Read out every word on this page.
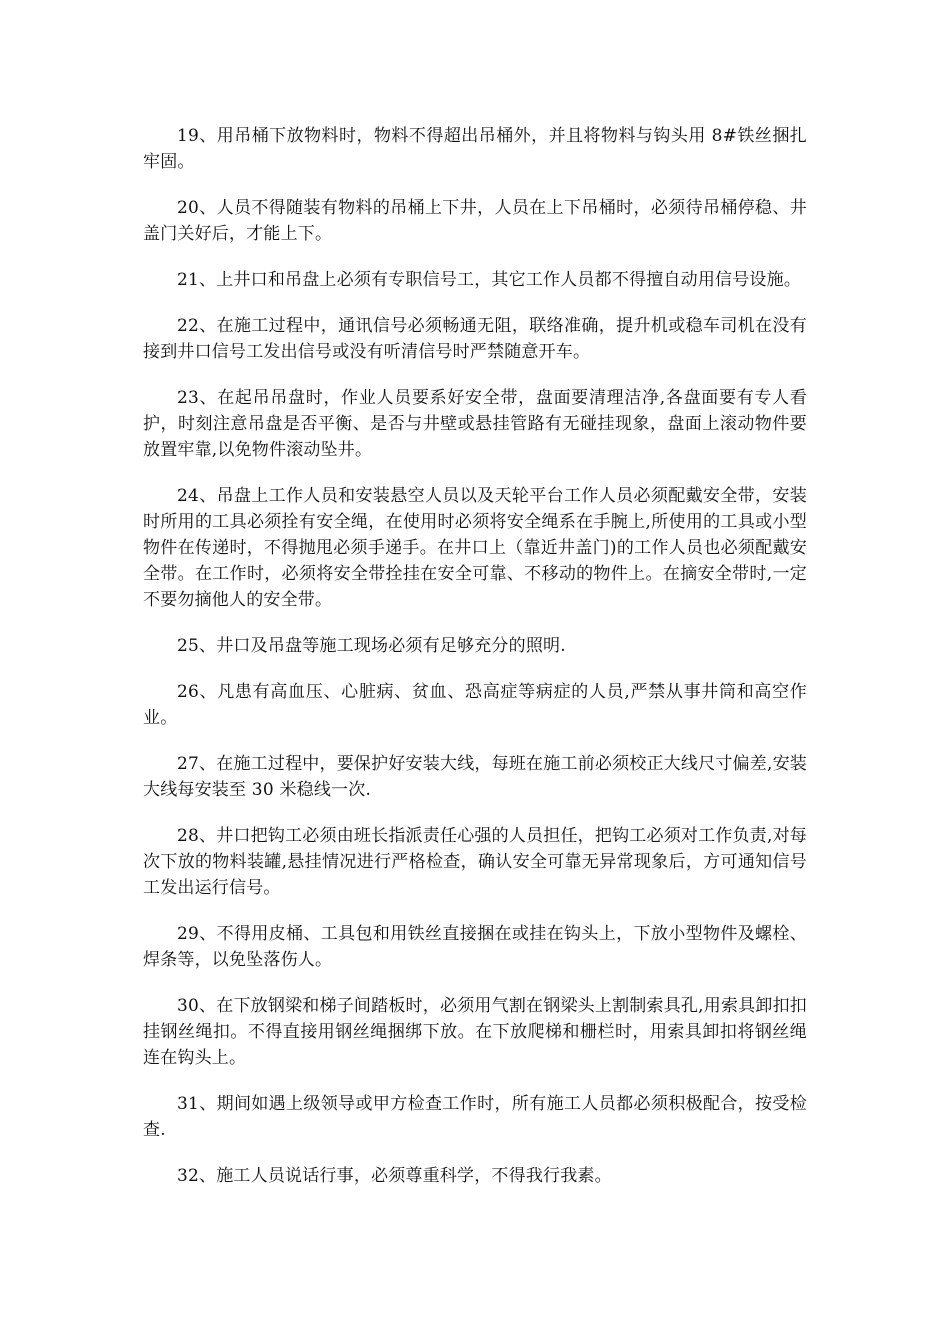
19、用吊桶下放物料时，物料不得超出吊桶外，并且将物料与钩头用 8#铁丝捆扎牢固。

20、人员不得随装有物料的吊桶上下井，人员在上下吊桶时，必须待吊桶停稳、井盖门关好后，才能上下。

21、上井口和吊盘上必须有专职信号工，其它工作人员都不得擅自动用信号设施。

22、在施工过程中，通讯信号必须畅通无阻，联络准确，提升机或稳车司机在没有接到井口信号工发出信号或没有听清信号时严禁随意开车。

23、在起吊吊盘时，作业人员要系好安全带，盘面要清理洁净,各盘面要有专人看护，时刻注意吊盘是否平衡、是否与井壁或悬挂管路有无碰挂现象，盘面上滚动物件要放置牢靠,以免物件滚动坠井。

24、吊盘上工作人员和安装悬空人员以及天轮平台工作人员必须配戴安全带，安装时所用的工具必须拴有安全绳，在使用时必须将安全绳系在手腕上,所使用的工具或小型物件在传递时，不得抛甩必须手递手。在井口上（靠近井盖门)的工作人员也必须配戴安全带。在工作时，必须将安全带拴挂在安全可靠、不移动的物件上。在摘安全带时,一定不要勿摘他人的安全带。

25、井口及吊盘等施工现场必须有足够充分的照明.

26、凡患有高血压、心脏病、贫血、恐高症等病症的人员,严禁从事井筒和高空作业。

27、在施工过程中，要保护好安装大线，每班在施工前必须校正大线尺寸偏差,安装大线每安装至 30 米稳线一次.

28、井口把钩工必须由班长指派责任心强的人员担任，把钩工必须对工作负责,对每次下放的物料装罐,悬挂情况进行严格检查，确认安全可靠无异常现象后，方可通知信号工发出运行信号。

29、不得用皮桶、工具包和用铁丝直接捆在或挂在钩头上，下放小型物件及螺栓、焊条等，以免坠落伤人。

30、在下放钢梁和梯子间踏板时，必须用气割在钢梁头上割制索具孔,用索具卸扣扣挂钢丝绳扣。不得直接用钢丝绳捆绑下放。在下放爬梯和栅栏时，用索具卸扣将钢丝绳连在钩头上。

31、期间如遇上级领导或甲方检查工作时，所有施工人员都必须积极配合，按受检查.

32、施工人员说话行事，必须尊重科学，不得我行我素。
